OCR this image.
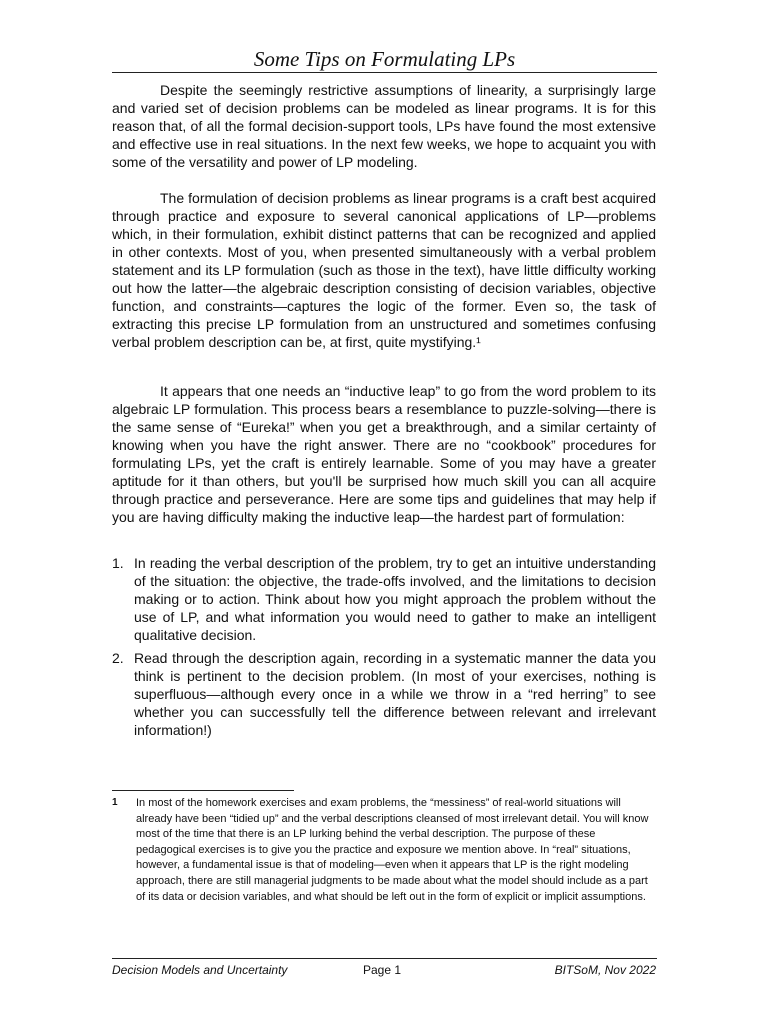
Some Tips on Formulating LPs

Despite the seemingly restrictive assumptions of linearity, a surprisingly large and varied set of decision problems can be modeled as linear programs. It is for this reason that, of all the formal decision-support tools, LPs have found the most extensive and effective use in real situations. In the next few weeks, we hope to acquaint you with some of the versatility and power of LP modeling.

The formulation of decision problems as linear programs is a craft best acquired through practice and exposure to several canonical applications of LP—problems which, in their formulation, exhibit distinct patterns that can be recognized and applied in other contexts. Most of you, when presented simultaneously with a verbal problem statement and its LP formulation (such as those in the text), have little difficulty working out how the latter—the algebraic description consisting of decision variables, objective function, and constraints—captures the logic of the former. Even so, the task of extracting this precise LP formulation from an unstructured and sometimes confusing verbal problem description can be, at first, quite mystifying.¹

It appears that one needs an “inductive leap” to go from the word problem to its algebraic LP formulation. This process bears a resemblance to puzzle-solving—there is the same sense of “Eureka!” when you get a breakthrough, and a similar certainty of knowing when you have the right answer. There are no “cookbook” procedures for formulating LPs, yet the craft is entirely learnable. Some of you may have a greater aptitude for it than others, but you'll be surprised how much skill you can all acquire through practice and perseverance. Here are some tips and guidelines that may help if you are having difficulty making the inductive leap—the hardest part of formulation:

1. In reading the verbal description of the problem, try to get an intuitive understanding of the situation: the objective, the trade-offs involved, and the limitations to decision making or to action. Think about how you might approach the problem without the use of LP, and what information you would need to gather to make an intelligent qualitative decision.
2. Read through the description again, recording in a systematic manner the data you think is pertinent to the decision problem. (In most of your exercises, nothing is superfluous—although every once in a while we throw in a “red herring” to see whether you can successfully tell the difference between relevant and irrelevant information!)
1 In most of the homework exercises and exam problems, the “messiness” of real-world situations will already have been “tidied up” and the verbal descriptions cleansed of most irrelevant detail. You will know most of the time that there is an LP lurking behind the verbal description. The purpose of these pedagogical exercises is to give you the practice and exposure we mention above. In “real” situations, however, a fundamental issue is that of modeling—even when it appears that LP is the right modeling approach, there are still managerial judgments to be made about what the model should include as a part of its data or decision variables, and what should be left out in the form of explicit or implicit assumptions.

Decision Models and Uncertainty	Page 1	BITSoM, Nov 2022
